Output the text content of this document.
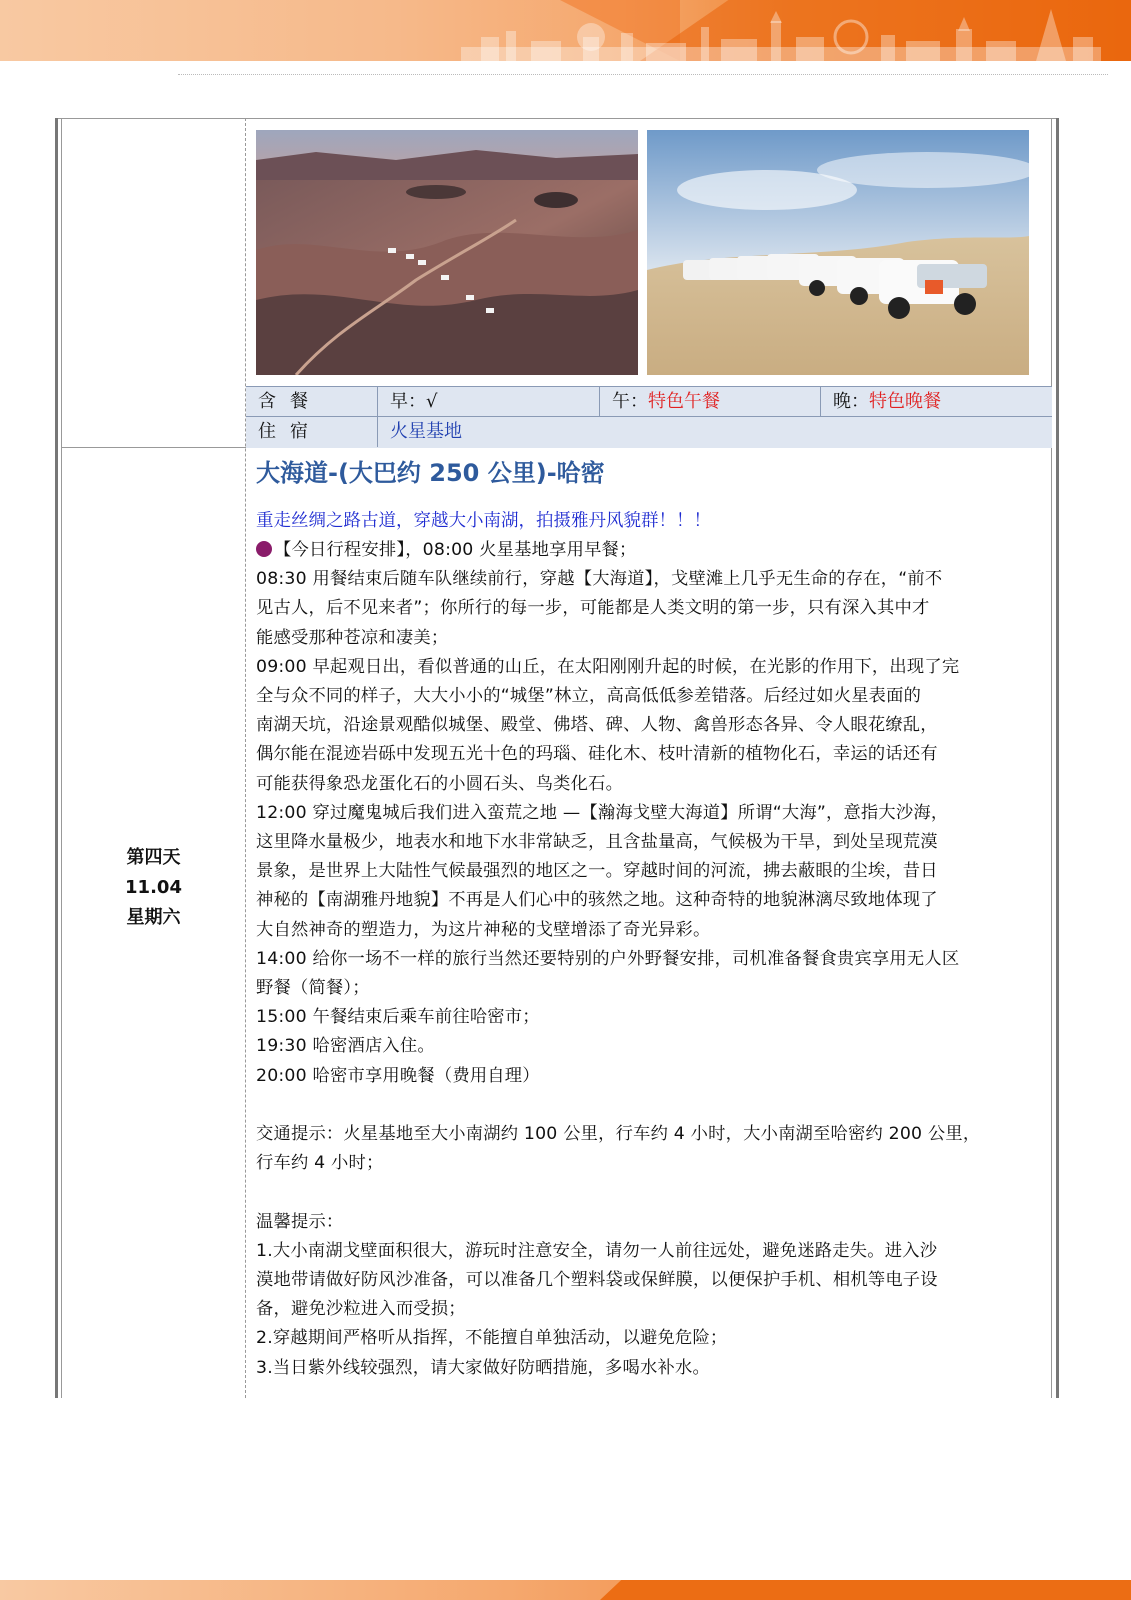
含餐	早：√	午：特色午餐	晚：特色晚餐
住宿	火星基地
第四天
11.04
星期六
大海道-(大巴约 250 公里)-哈密
重走丝绸之路古道，穿越大小南湖，拍摄雅丹风貌群！！！
【今日行程安排】，08:00 火星基地享用早餐；
08:30 用餐结束后随车队继续前行，穿越【大海道】，戈壁滩上几乎无生命的存在，“前不
见古人，后不见来者”；你所行的每一步，可能都是人类文明的第一步，只有深入其中才
能感受那种苍凉和凄美；
09:00 早起观日出，看似普通的山丘，在太阳刚刚升起的时候，在光影的作用下，出现了完
全与众不同的样子，大大小小的“城堡”林立，高高低低参差错落。后经过如火星表面的
南湖天坑，沿途景观酷似城堡、殿堂、佛塔、碑、人物、禽兽形态各异、令人眼花缭乱，
偶尔能在混迹岩砾中发现五光十色的玛瑙、硅化木、枝叶清新的植物化石，幸运的话还有
可能获得象恐龙蛋化石的小圆石头、鸟类化石。
12:00 穿过魔鬼城后我们进入蛮荒之地 —【瀚海戈壁大海道】所谓“大海”，意指大沙海，
这里降水量极少，地表水和地下水非常缺乏，且含盐量高，气候极为干旱，到处呈现荒漠
景象，是世界上大陆性气候最强烈的地区之一。穿越时间的河流，拂去蔽眼的尘埃，昔日
神秘的【南湖雅丹地貌】不再是人们心中的骇然之地。这种奇特的地貌淋漓尽致地体现了
大自然神奇的塑造力，为这片神秘的戈壁增添了奇光异彩。
14:00 给你一场不一样的旅行当然还要特别的户外野餐安排，司机准备餐食贵宾享用无人区
野餐（简餐）；
15:00 午餐结束后乘车前往哈密市；
19:30 哈密酒店入住。
20:00 哈密市享用晚餐（费用自理）
交通提示：火星基地至大小南湖约 100 公里，行车约 4 小时，大小南湖至哈密约 200 公里，
行车约 4 小时；
温馨提示：
1.大小南湖戈壁面积很大，游玩时注意安全，请勿一人前往远处，避免迷路走失。进入沙
漠地带请做好防风沙准备，可以准备几个塑料袋或保鲜膜，以便保护手机、相机等电子设
备，避免沙粒进入而受损；
2.穿越期间严格听从指挥，不能擅自单独活动，以避免危险；
3.当日紫外线较强烈，请大家做好防晒措施，多喝水补水。
